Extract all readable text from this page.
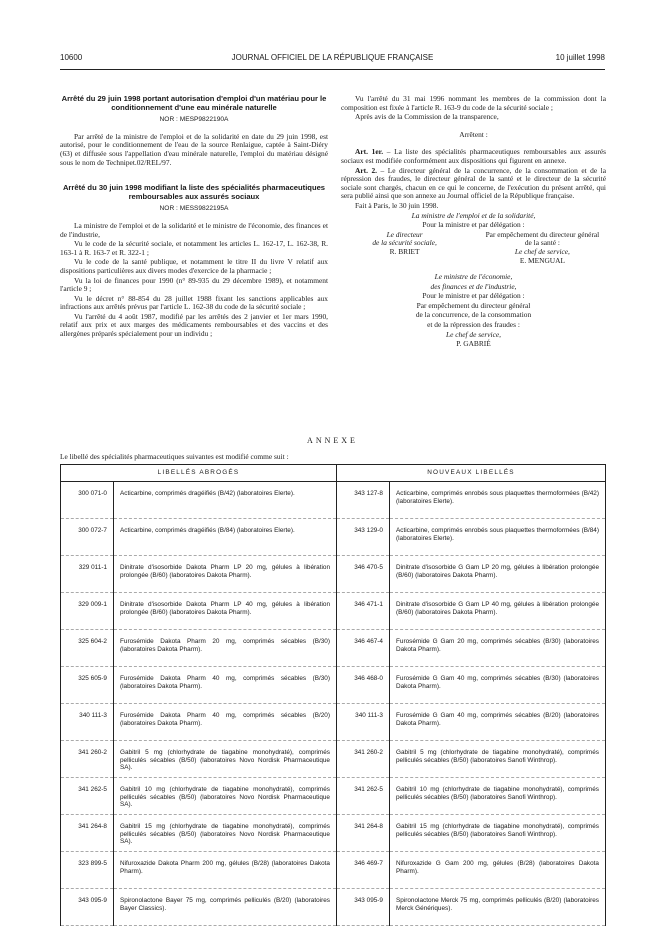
10600	JOURNAL OFFICIEL DE LA RÉPUBLIQUE FRANÇAISE	10 juillet 1998
Arrêté du 29 juin 1998 portant autorisation d'emploi d'un matériau pour le conditionnement d'une eau minérale naturelle
NOR : MESP9822190A

Par arrêté de la ministre de l'emploi et de la solidarité en date du 29 juin 1998, est autorisé, pour le conditionnement de l'eau de la source Renlaigue, captée à Saint-Diéry (63) et diffusée sous l'appellation d'eau minérale naturelle, l'emploi du matériau désigné sous le nom de Technipet.02/REL/97.

Arrêté du 30 juin 1998 modifiant la liste des spécialités pharmaceutiques remboursables aux assurés sociaux
NOR : MESS9822195A

La ministre de l'emploi et de la solidarité et le ministre de l'économie, des finances et de l'industrie,

Vu le code de la sécurité sociale, et notamment les articles L. 162-17, L. 162-38, R. 163-1 à R. 163-7 et R. 322-1 ;

Vu le code de la santé publique, et notamment le titre II du livre V relatif aux dispositions particulières aux divers modes d'exercice de la pharmacie ;

Vu la loi de finances pour 1990 (n° 89-935 du 29 décembre 1989), et notamment l'article 9 ;

Vu le décret n° 88-854 du 28 juillet 1988 fixant les sanctions applicables aux infractions aux arrêtés prévus par l'article L. 162-38 du code de la sécurité sociale ;

Vu l'arrêté du 4 août 1987, modifié par les arrêtés des 2 janvier et 1er mars 1990, relatif aux prix et aux marges des médicaments remboursables et des vaccins et des allergènes préparés spécialement pour un individu ;

Vu l'arrêté du 31 mai 1996 nommant les membres de la commission dont la composition est fixée à l'article R. 163-9 du code de la sécurité sociale ;

Après avis de la Commission de la transparence,

Arrêtent :

Art. 1er. – La liste des spécialités pharmaceutiques remboursables aux assurés sociaux est modifiée conformément aux dispositions qui figurent en annexe.

Art. 2. – Le directeur général de la concurrence, de la consommation et de la répression des fraudes, le directeur général de la santé et le directeur de la sécurité sociale sont chargés, chacun en ce qui le concerne, de l'exécution du présent arrêté, qui sera publié ainsi que son annexe au Journal officiel de la République française.

Fait à Paris, le 30 juin 1998.

La ministre de l'emploi et de la solidarité,

Pour la ministre et par délégation :

Le directeur
de la sécurité sociale,
R. BRIET
Par empêchement du directeur général
de la santé :
Le chef de service,
E. MENGUAL

Le ministre de l'économie,

des finances et de l'industrie,

Pour le ministre et par délégation :

Par empêchement du directeur général

de la concurrence, de la consommation

et de la répression des fraudes :

Le chef de service,

P. GABRIÉ

ANNEXE
Le libellé des spécialités pharmaceutiques suivantes est modifié comme suit :
LIBELLÉS ABROGÉS		NOUVEAUX LIBELLÉS	
300 071-0	Acticarbine, comprimés dragéifiés (B/42) (laboratoires Elerte).	343 127-8	Acticarbine, comprimés enrobés sous plaquettes thermoformées (B/42) (laboratoires Elerte).
300 072-7	Acticarbine, comprimés dragéifiés (B/84) (laboratoires Elerte).	343 129-0	Acticarbine, comprimés enrobés sous plaquettes thermoformées (B/84) (laboratoires Elerte).
329 011-1	Dinitrate d'isosorbide Dakota Pharm LP 20 mg, gélules à libération prolongée (B/60) (laboratoires Dakota Pharm).	346 470-5	Dinitrate d'isosorbide G Gam LP 20 mg, gélules à libération prolongée (B/60) (laboratoires Dakota Pharm).
329 009-1	Dinitrate d'isosorbide Dakota Pharm LP 40 mg, gélules à libération prolongée (B/60) (laboratoires Dakota Pharm).	346 471-1	Dinitrate d'isosorbide G Gam LP 40 mg, gélules à libération prolongée (B/60) (laboratoires Dakota Pharm).
325 604-2	Furosémide Dakota Pharm 20 mg, comprimés sécables (B/30) (laboratoires Dakota Pharm).	346 467-4	Furosémide G Gam 20 mg, comprimés sécables (B/30) (laboratoires Dakota Pharm).
325 605-9	Furosémide Dakota Pharm 40 mg, comprimés sécables (B/30) (laboratoires Dakota Pharm).	346 468-0	Furosémide G Gam 40 mg, comprimés sécables (B/30) (laboratoires Dakota Pharm).
340 111-3	Furosémide Dakota Pharm 40 mg, comprimés sécables (B/20) (laboratoires Dakota Pharm).	340 111-3	Furosémide G Gam 40 mg, comprimés sécables (B/20) (laboratoires Dakota Pharm).
341 260-2	Gabitril 5 mg (chlorhydrate de tiagabine monohydraté), comprimés pelliculés sécables (B/50) (laboratoires Novo Nordisk Pharmaceutique SA).	341 260-2	Gabitril 5 mg (chlorhydrate de tiagabine monohydraté), comprimés pelliculés sécables (B/50) (laboratoires Sanofi Winthrop).
341 262-5	Gabitril 10 mg (chlorhydrate de tiagabine monohydraté), comprimés pelliculés sécables (B/50) (laboratoires Novo Nordisk Pharmaceutique SA).	341 262-5	Gabitril 10 mg (chlorhydrate de tiagabine monohydraté), comprimés pelliculés sécables (B/50) (laboratoires Sanofi Winthrop).
341 264-8	Gabitril 15 mg (chlorhydrate de tiagabine monohydraté), comprimés pelliculés sécables (B/50) (laboratoires Novo Nordisk Pharmaceutique SA).	341 264-8	Gabitril 15 mg (chlorhydrate de tiagabine monohydraté), comprimés pelliculés sécables (B/50) (laboratoires Sanofi Winthrop).
323 899-5	Nifuroxazide Dakota Pharm 200 mg, gélules (B/28) (laboratoires Dakota Pharm).	346 469-7	Nifuroxazide G Gam 200 mg, gélules (B/28) (laboratoires Dakota Pharm).
343 095-9	Spironolactone Bayer 75 mg, comprimés pelliculés (B/20) (laboratoires Bayer Classics).	343 095-9	Spironolactone Merck 75 mg, comprimés pelliculés (B/20) (laboratoires Merck Génériques).
